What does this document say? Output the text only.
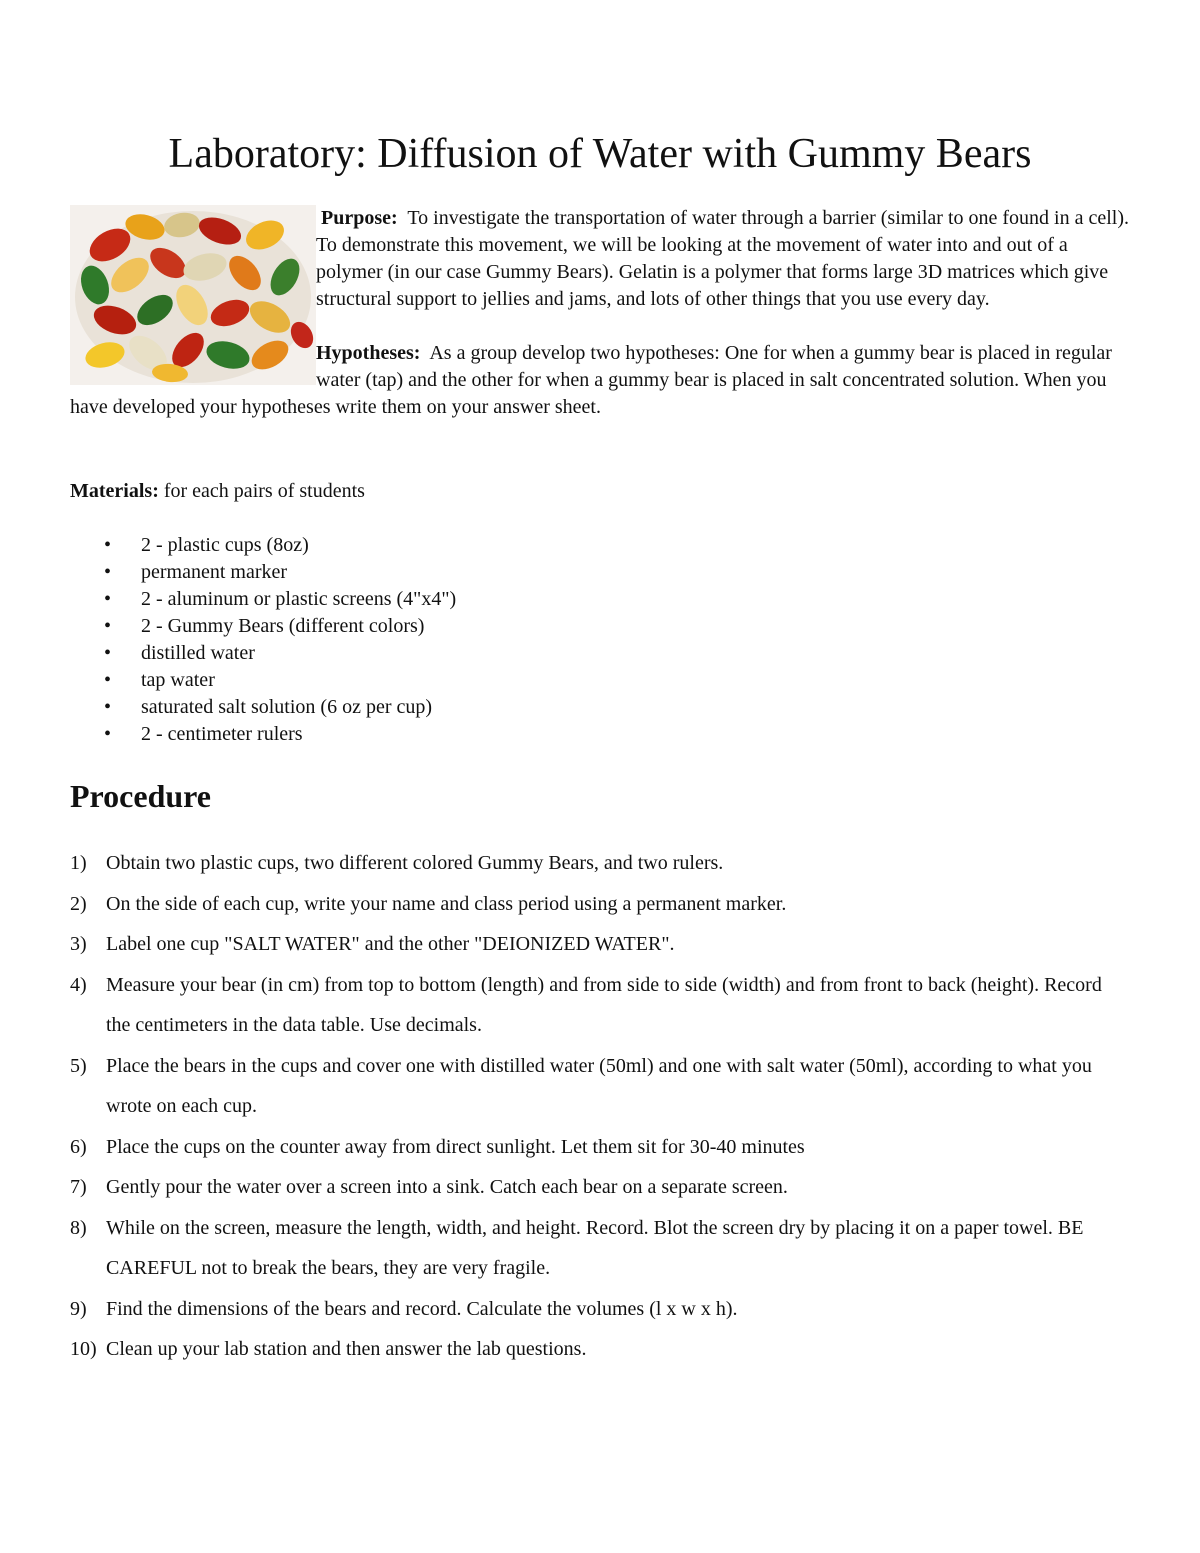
Laboratory: Diffusion of Water with Gummy Bears

Purpose: To investigate the transportation of water through a barrier (similar to one found in a cell). To demonstrate this movement, we will be looking at the movement of water into and out of a polymer (in our case Gummy Bears). Gelatin is a polymer that forms large 3D matrices which give structural support to jellies and jams, and lots of other things that you use every day.

Hypotheses: As a group develop two hypotheses: One for when a gummy bear is placed in regular water (tap) and the other for when a gummy bear is placed in salt concentrated solution. When you have developed your hypotheses write them on your answer sheet.

Materials: for each pairs of students

• 2 - plastic cups (8oz)
• permanent marker
• 2 - aluminum or plastic screens (4"x4")
• 2 - Gummy Bears (different colors)
• distilled water
• tap water
• saturated salt solution (6 oz per cup)
• 2 - centimeter rulers
Procedure
1) Obtain two plastic cups, two different colored Gummy Bears, and two rulers.
2) On the side of each cup, write your name and class period using a permanent marker.
3) Label one cup "SALT WATER" and the other "DEIONIZED WATER".
4) Measure your bear (in cm) from top to bottom (length) and from side to side (width) and from front to back (height). Record the centimeters in the data table. Use decimals.
5) Place the bears in the cups and cover one with distilled water (50ml) and one with salt water (50ml), according to what you wrote on each cup.
6) Place the cups on the counter away from direct sunlight. Let them sit for 30-40 minutes
7) Gently pour the water over a screen into a sink. Catch each bear on a separate screen.
8) While on the screen, measure the length, width, and height. Record. Blot the screen dry by placing it on a paper towel. BE CAREFUL not to break the bears, they are very fragile.
9) Find the dimensions of the bears and record. Calculate the volumes (l x w x h).
10) Clean up your lab station and then answer the lab questions.
